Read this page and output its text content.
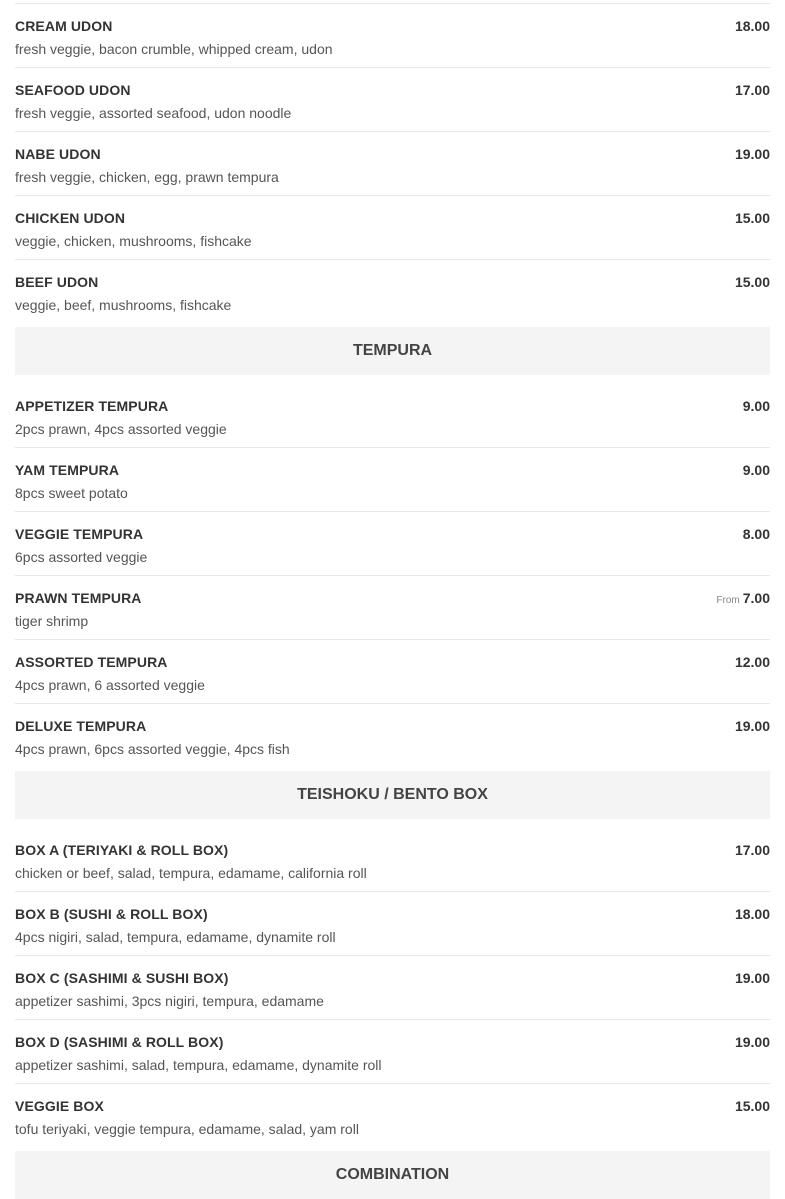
CREAM UDON	18.00
fresh veggie, bacon crumble, whipped cream, udon
SEAFOOD UDON	17.00
fresh veggie, assorted seafood, udon noodle
NABE UDON	19.00
fresh veggie, chicken, egg, prawn tempura
CHICKEN UDON	15.00
veggie, chicken, mushrooms, fishcake
BEEF UDON	15.00
veggie, beef, mushrooms, fishcake
TEMPURA
APPETIZER TEMPURA	9.00
2pcs prawn, 4pcs assorted veggie
YAM TEMPURA	9.00
8pcs sweet potato
VEGGIE TEMPURA	8.00
6pcs assorted veggie
PRAWN TEMPURA	From 7.00
tiger shrimp
ASSORTED TEMPURA	12.00
4pcs prawn, 6 assorted veggie
DELUXE TEMPURA	19.00
4pcs prawn, 6pcs assorted veggie, 4pcs fish
TEISHOKU / BENTO BOX
BOX A (TERIYAKI & ROLL BOX)	17.00
chicken or beef, salad, tempura, edamame, california roll
BOX B (SUSHI & ROLL BOX)	18.00
4pcs nigiri, salad, tempura, edamame, dynamite roll
BOX C (SASHIMI & SUSHI BOX)	19.00
appetizer sashimi, 3pcs nigiri, tempura, edamame
BOX D (SASHIMI & ROLL BOX)	19.00
appetizer sashimi, salad, tempura, edamame, dynamite roll
VEGGIE BOX	15.00
tofu teriyaki, veggie tempura, edamame, salad, yam roll
COMBINATION
